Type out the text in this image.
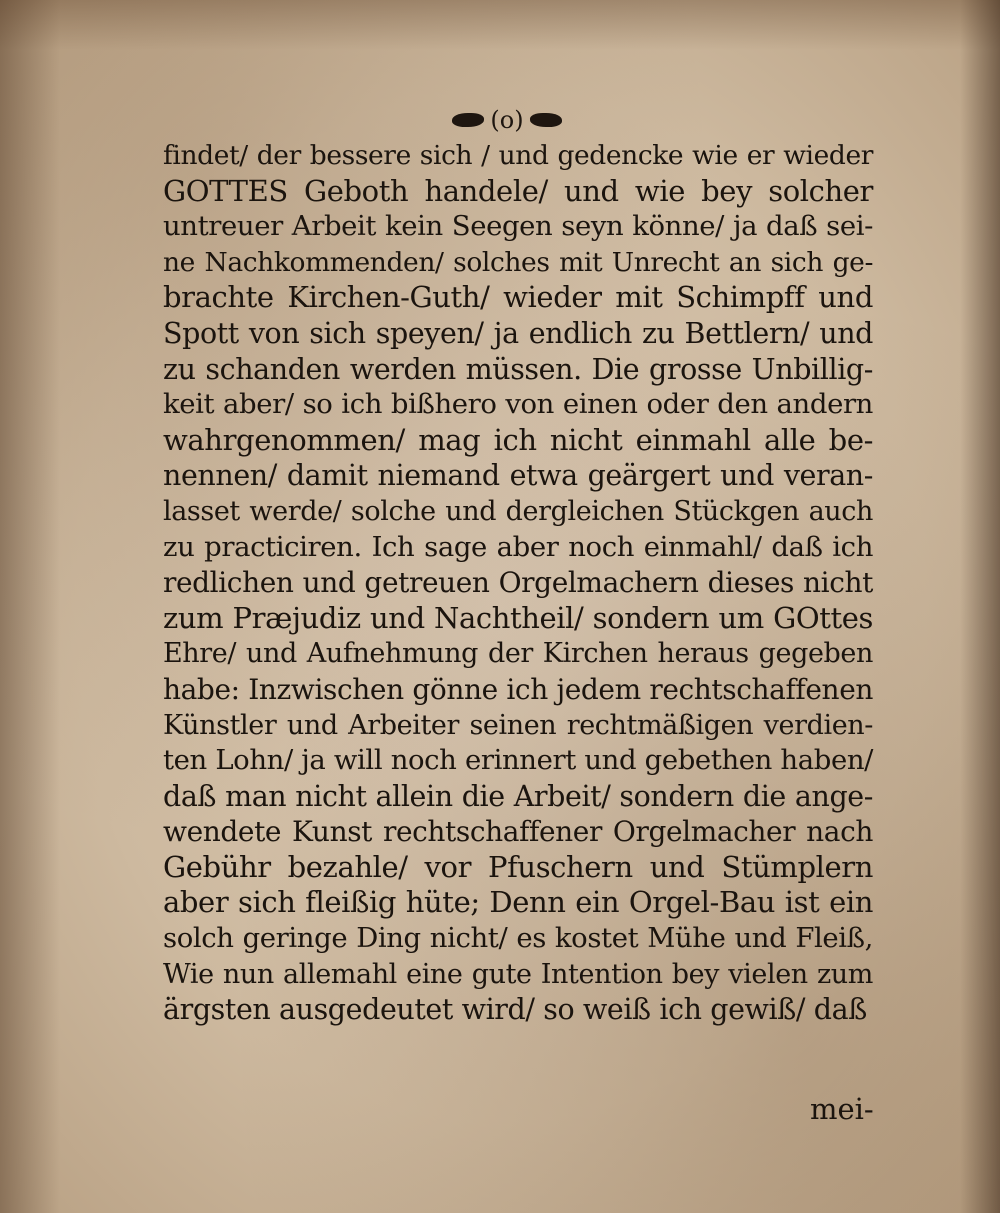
(o)
findet/ der bessere sich / und gedencke wie er wieder
GOTTES Geboth handele/ und wie bey solcher
untreuer Arbeit kein Seegen seyn könne/ ja daß sei-
ne Nachkommenden/ solches mit Unrecht an sich ge-
brachte Kirchen-Guth/ wieder mit Schimpff und
Spott von sich speyen/ ja endlich zu Bettlern/ und
zu schanden werden müssen. Die grosse Unbillig-
keit aber/ so ich bißhero von einen oder den andern
wahrgenommen/ mag ich nicht einmahl alle be-
nennen/ damit niemand etwa geärgert und veran-
lasset werde/ solche und dergleichen Stückgen auch
zu practiciren. Ich sage aber noch einmahl/ daß ich
redlichen und getreuen Orgelmachern dieses nicht
zum Præjudiz und Nachtheil/ sondern um GOttes
Ehre/ und Aufnehmung der Kirchen heraus gegeben
habe: Inzwischen gönne ich jedem rechtschaffenen
Künstler und Arbeiter seinen rechtmäßigen verdien-
ten Lohn/ ja will noch erinnert und gebethen haben/
daß man nicht allein die Arbeit/ sondern die ange-
wendete Kunst rechtschaffener Orgelmacher nach
Gebühr bezahle/ vor Pfuschern und Stümplern
aber sich fleißig hüte; Denn ein Orgel-Bau ist ein
solch geringe Ding nicht/ es kostet Mühe und Fleiß,
Wie nun allemahl eine gute Intention bey vielen zum
ärgsten ausgedeutet wird/ so weiß ich gewiß/ daß
mei-
